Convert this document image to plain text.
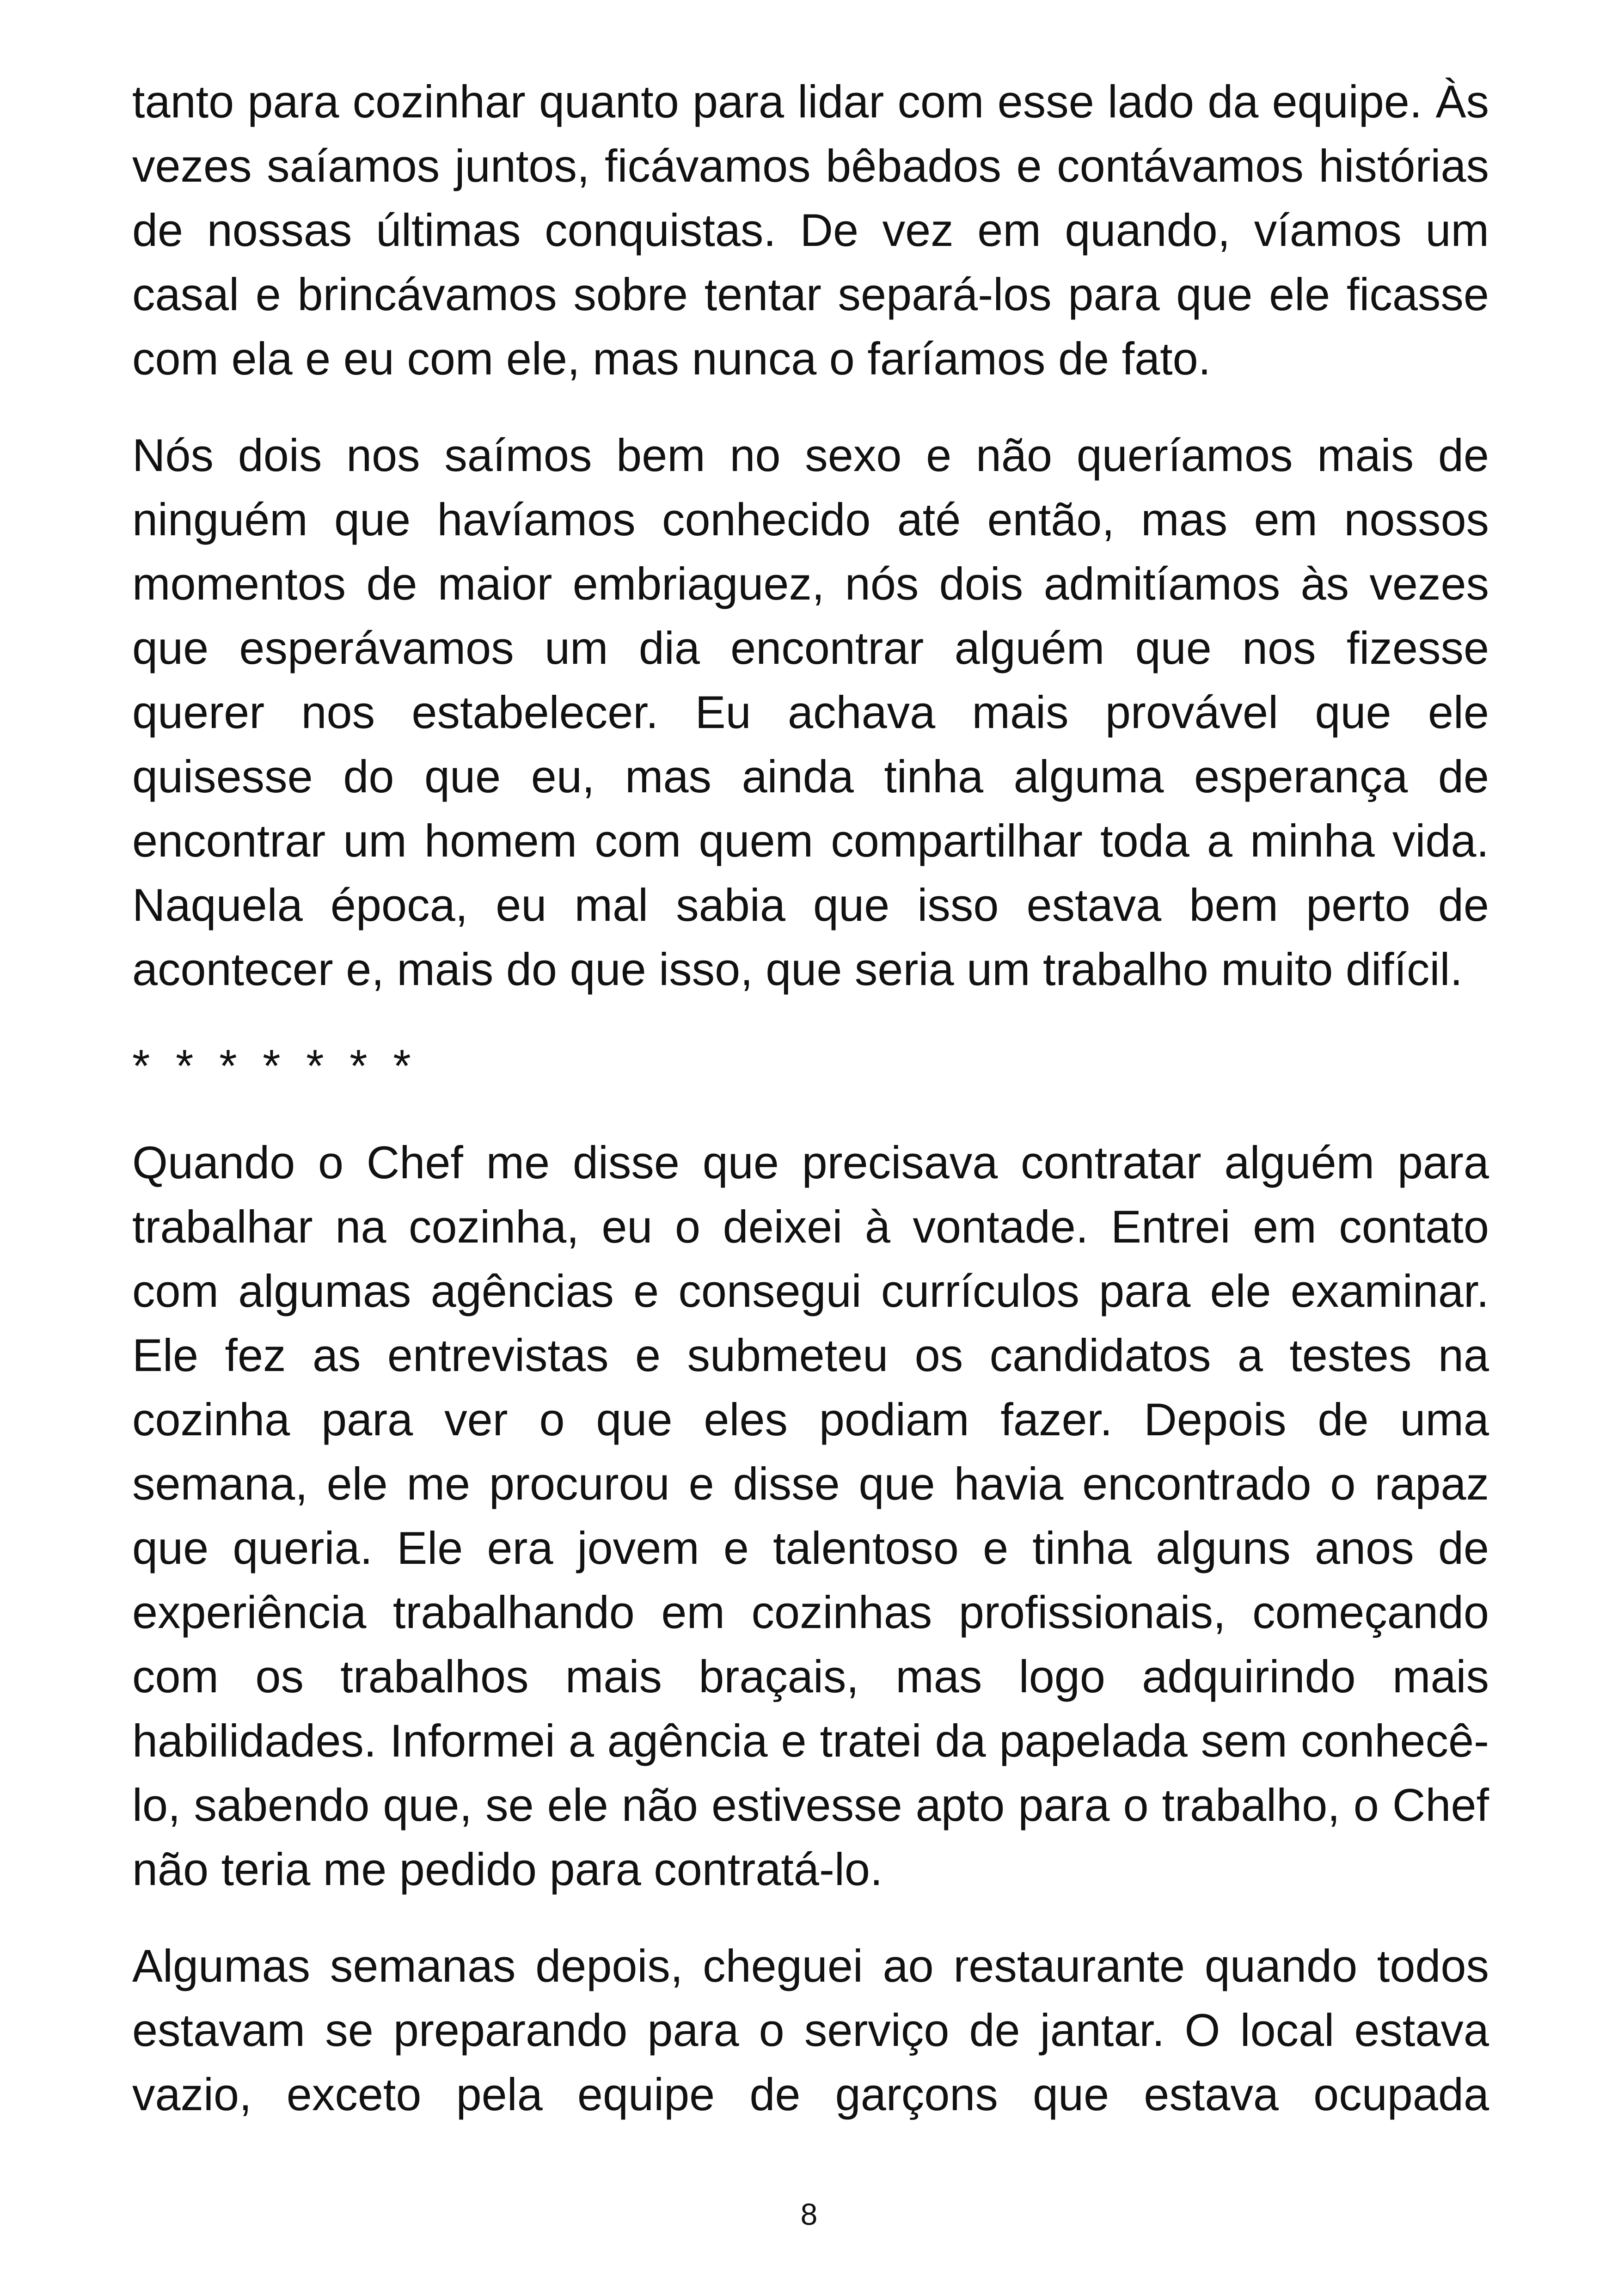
tanto para cozinhar quanto para lidar com esse lado da equipe. Às vezes saíamos juntos, ficávamos bêbados e contávamos histórias de nossas últimas conquistas. De vez em quando, víamos um casal e brincávamos sobre tentar separá-los para que ele ficasse com ela e eu com ele, mas nunca o faríamos de fato.

Nós dois nos saímos bem no sexo e não queríamos mais de ninguém que havíamos conhecido até então, mas em nossos momentos de maior embriaguez, nós dois admitíamos às vezes que esperávamos um dia encontrar alguém que nos fizesse querer nos estabelecer. Eu achava mais provável que ele quisesse do que eu, mas ainda tinha alguma esperança de encontrar um homem com quem compartilhar toda a minha vida. Naquela época, eu mal sabia que isso estava bem perto de acontecer e, mais do que isso, que seria um trabalho muito difícil.

* * * * * * *

Quando o Chef me disse que precisava contratar alguém para trabalhar na cozinha, eu o deixei à vontade. Entrei em contato com algumas agências e consegui currículos para ele examinar. Ele fez as entrevistas e submeteu os candidatos a testes na cozinha para ver o que eles podiam fazer. Depois de uma semana, ele me procurou e disse que havia encontrado o rapaz que queria. Ele era jovem e talentoso e tinha alguns anos de experiência trabalhando em cozinhas profissionais, começando com os trabalhos mais braçais, mas logo adquirindo mais habilidades. Informei a agência e tratei da papelada sem conhecê-lo, sabendo que, se ele não estivesse apto para o trabalho, o Chef não teria me pedido para contratá-lo.

Algumas semanas depois, cheguei ao restaurante quando todos estavam se preparando para o serviço de jantar. O local estava vazio, exceto pela equipe de garçons que estava ocupada

8
